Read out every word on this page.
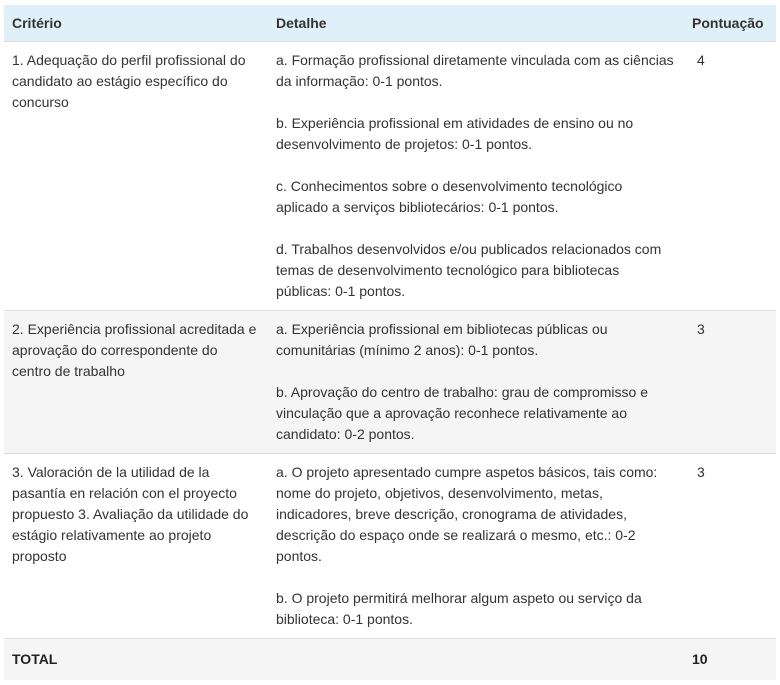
Critério	Detalhe	Pontuação
1. Adequação do perfil profissional do candidato ao estágio específico do concurso	a. Formação profissional diretamente vinculada com as ciências da informação: 0-1 pontos.
b. Experiência profissional em atividades de ensino ou no desenvolvimento de projetos: 0-1 pontos.
c. Conhecimentos sobre o desenvolvimento tecnológico aplicado a serviços bibliotecários: 0-1 pontos.
d. Trabalhos desenvolvidos e/ou publicados relacionados com temas de desenvolvimento tecnológico para bibliotecas públicas: 0-1 pontos.	4
2. Experiência profissional acreditada e aprovação do correspondente do centro de trabalho	a. Experiência profissional em bibliotecas públicas ou comunitárias (mínimo 2 anos): 0-1 pontos.
b. Aprovação do centro de trabalho: grau de compromisso e vinculação que a aprovação reconhece relativamente ao candidato: 0-2 pontos.	3
3. Valoración de la utilidad de la pasantía en relación con el proyecto propuesto 3. Avaliação da utilidade do estágio relativamente ao projeto proposto	a. O projeto apresentado cumpre aspetos básicos, tais como: nome do projeto, objetivos, desenvolvimento, metas, indicadores, breve descrição, cronograma de atividades, descrição do espaço onde se realizará o mesmo, etc.: 0-2 pontos.
b. O projeto permitirá melhorar algum aspeto ou serviço da biblioteca: 0-1 pontos.	3
TOTAL		10
